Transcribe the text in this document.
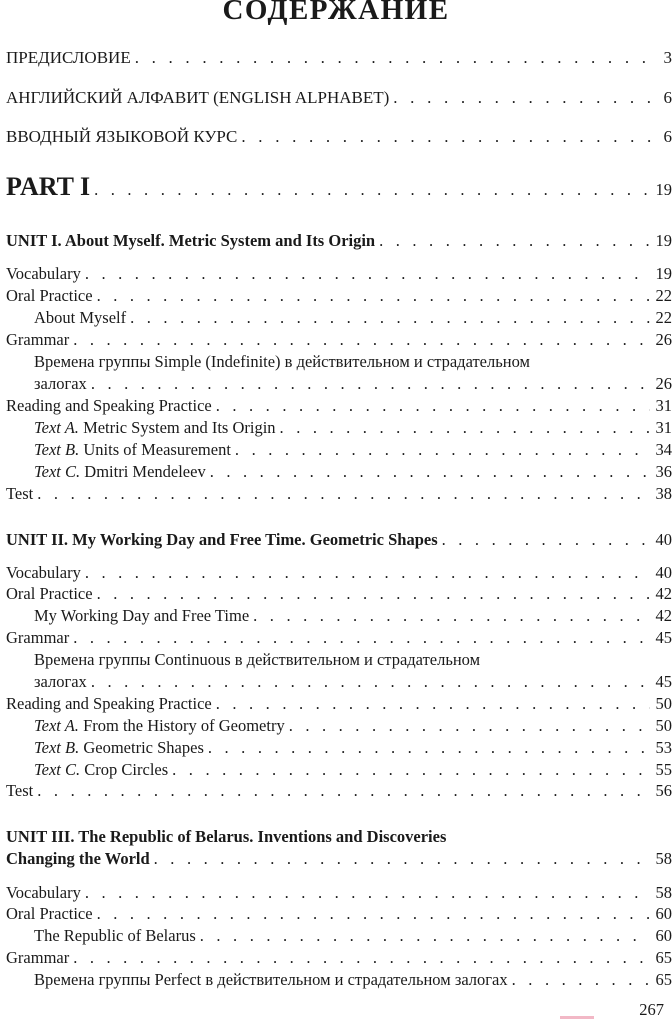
СОДЕРЖАНИЕ
ПРЕДИСЛОВИЕ . . .	3
АНГЛИЙСКИЙ АЛФАВИТ (ENGLISH ALPHABET) . . .	6
ВВОДНЫЙ ЯЗЫКОВОЙ КУРС . . .	6
PART I . . .	19
UNIT I. About Myself. Metric System and Its Origin . . .	19
Vocabulary . . .	19
Oral Practice . . .	22
About Myself . . .	22
Grammar . . .	26
Времена группы Simple (Indefinite) в действительном и страдательном
залогах . . .	26
Reading and Speaking Practice . . .	31
Text A. Metric System and Its Origin . . .	31
Text B. Units of Measurement . . .	34
Text C. Dmitri Mendeleev . . .	36
Test . . .	38
UNIT II. My Working Day and Free Time. Geometric Shapes . . .	40
Vocabulary . . .	40
Oral Practice . . .	42
My Working Day and Free Time . . .	42
Grammar . . .	45
Времена группы Continuous в действительном и страдательном
залогах . . .	45
Reading and Speaking Practice . . .	50
Text A. From the History of Geometry . . .	50
Text B. Geometric Shapes . . .	53
Text C. Crop Circles . . .	55
Test . . .	56
UNIT III. The Republic of Belarus. Inventions and Discoveries
Changing the World . . .	58
Vocabulary . . .	58
Oral Practice . . .	60
The Republic of Belarus . . .	60
Grammar . . .	65
Времена группы Perfect в действительном и страдательном залогах . . .	65
267
